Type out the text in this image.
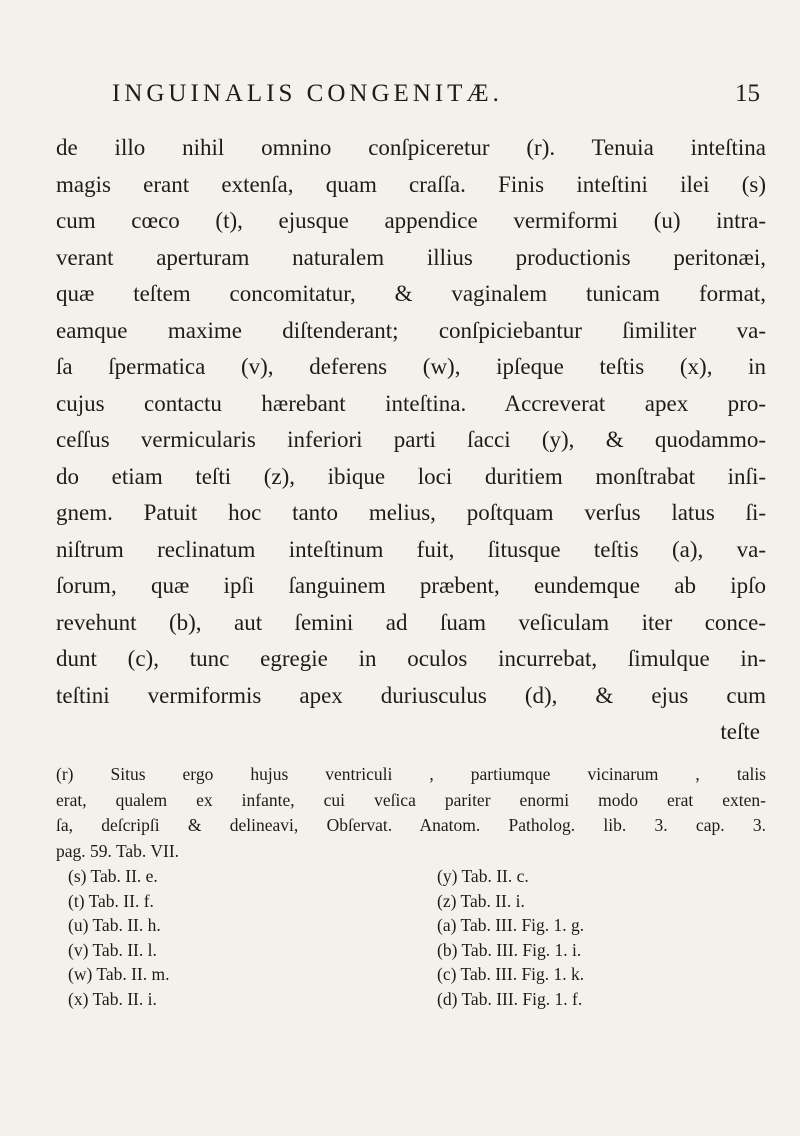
INGUINALIS CONGENITÆ.	15
de illo nihil omnino conſpiceretur (r). Tenuia inteſtina
magis erant extenſa, quam craſſa. Finis inteſtini ilei (s)
cum cœco (t), ejusque appendice vermiformi (u) intra-
verant aperturam naturalem illius productionis peritonæi,
quæ teſtem concomitatur, & vaginalem tunicam format,
eamque maxime diſtenderant; conſpiciebantur ſimiliter va-
ſa ſpermatica (v), deferens (w), ipſeque teſtis (x), in
cujus contactu hærebant inteſtina. Accreverat apex pro-
ceſſus vermicularis inferiori parti ſacci (y), & quodammo-
do etiam teſti (z), ibique loci duritiem monſtrabat inſi-
gnem. Patuit hoc tanto melius, poſtquam verſus latus ſi-
niſtrum reclinatum inteſtinum fuit, ſitusque teſtis (a), va-
ſorum, quæ ipſi ſanguinem præbent, eundemque ab ipſo
revehunt (b), aut ſemini ad ſuam veſiculam iter conce-
dunt (c), tunc egregie in oculos incurrebat, ſimulque in-
teſtini vermiformis apex duriusculus (d), & ejus cum
teſte
(r) Situs ergo hujus ventriculi , partiumque vicinarum , talis
erat, qualem ex infante, cui veſica pariter enormi modo erat exten-
ſa, deſcripſi & delineavi, Obſervat. Anatom. Patholog. lib. 3. cap. 3.
pag. 59. Tab. VII.
(s) Tab. II. e.
(t) Tab. II. f.
(u) Tab. II. h.
(v) Tab. II. l.
(w) Tab. II. m.
(x) Tab. II. i.
(y) Tab. II. c.
(z) Tab. II. i.
(a) Tab. III. Fig. 1. g.
(b) Tab. III. Fig. 1. i.
(c) Tab. III. Fig. 1. k.
(d) Tab. III. Fig. 1. f.
